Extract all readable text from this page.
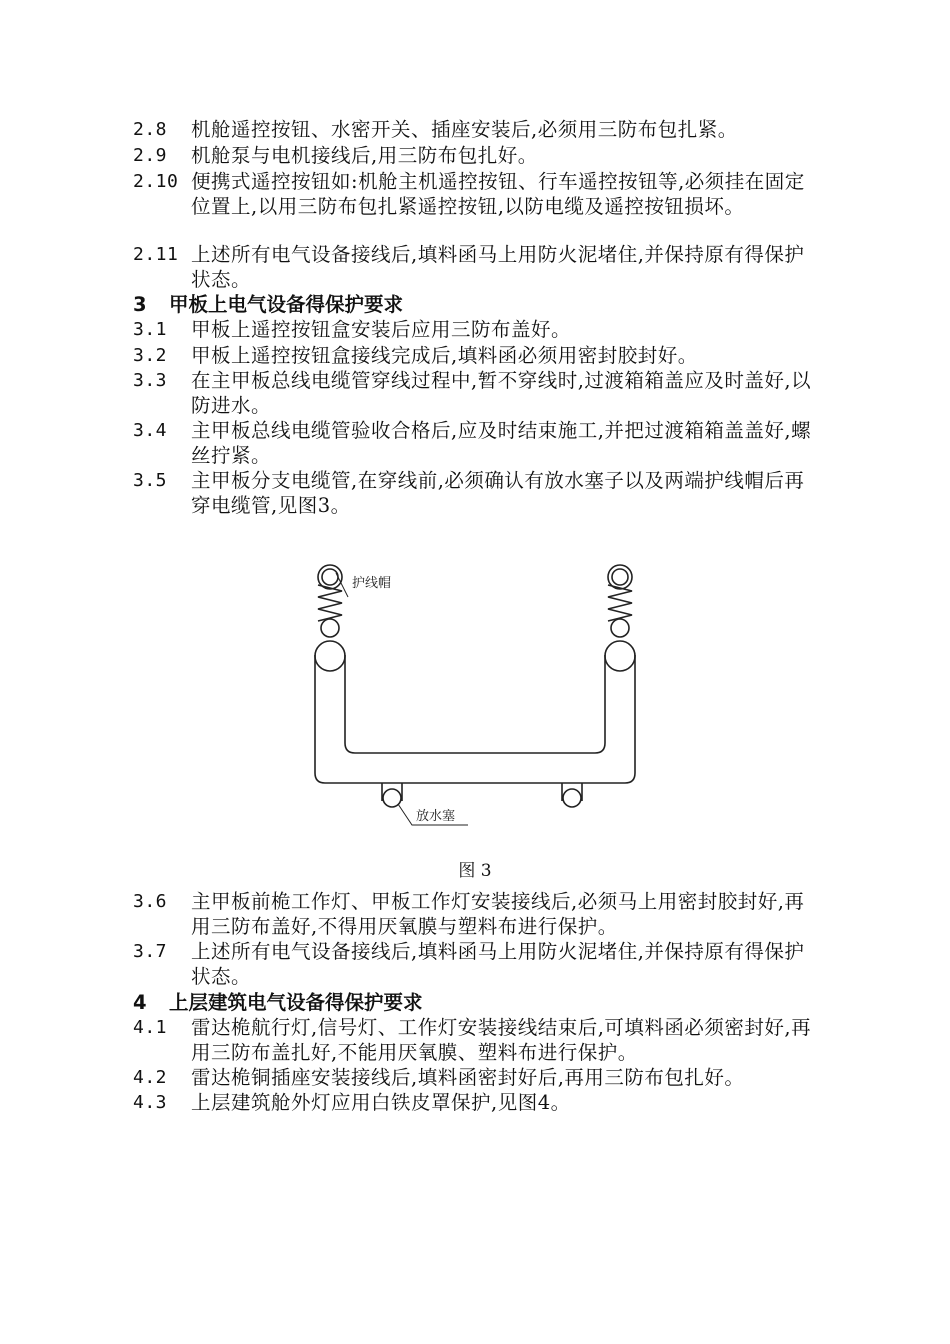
2.8	机舱遥控按钮、水密开关、插座安装后,必须用三防布包扎紧。
2.9	机舱泵与电机接线后,用三防布包扎好。
2.10 便携式遥控按钮如:机舱主机遥控按钮、行车遥控按钮等,必须挂在固定位置上,以用三防布包扎紧遥控按钮,以防电缆及遥控按钮损坏。
2.11 上述所有电气设备接线后,填料函马上用防火泥堵住,并保持原有得保护状态。
3	甲板上电气设备得保护要求
3.1	甲板上遥控按钮盒安装后应用三防布盖好。
3.2	甲板上遥控按钮盒接线完成后,填料函必须用密封胶封好。
3.3	在主甲板总线电缆管穿线过程中,暂不穿线时,过渡箱箱盖应及时盖好,以防进水。
3.4	主甲板总线电缆管验收合格后,应及时结束施工,并把过渡箱箱盖盖好,螺丝拧紧。
3.5	主甲板分支电缆管,在穿线前,必须确认有放水塞子以及两端护线帽后再穿电缆管,见图3。
护线帽
放水塞
图 3
3.6	主甲板前桅工作灯、甲板工作灯安装接线后,必须马上用密封胶封好,再用三防布盖好,不得用厌氧膜与塑料布进行保护。
3.7	上述所有电气设备接线后,填料函马上用防火泥堵住,并保持原有得保护状态。
4	上层建筑电气设备得保护要求
4.1	雷达桅航行灯,信号灯、工作灯安装接线结束后,可填料函必须密封好,再用三防布盖扎好,不能用厌氧膜、塑料布进行保护。
4.2	雷达桅铜插座安装接线后,填料函密封好后,再用三防布包扎好。
4.3	上层建筑舱外灯应用白铁皮罩保护,见图4。
